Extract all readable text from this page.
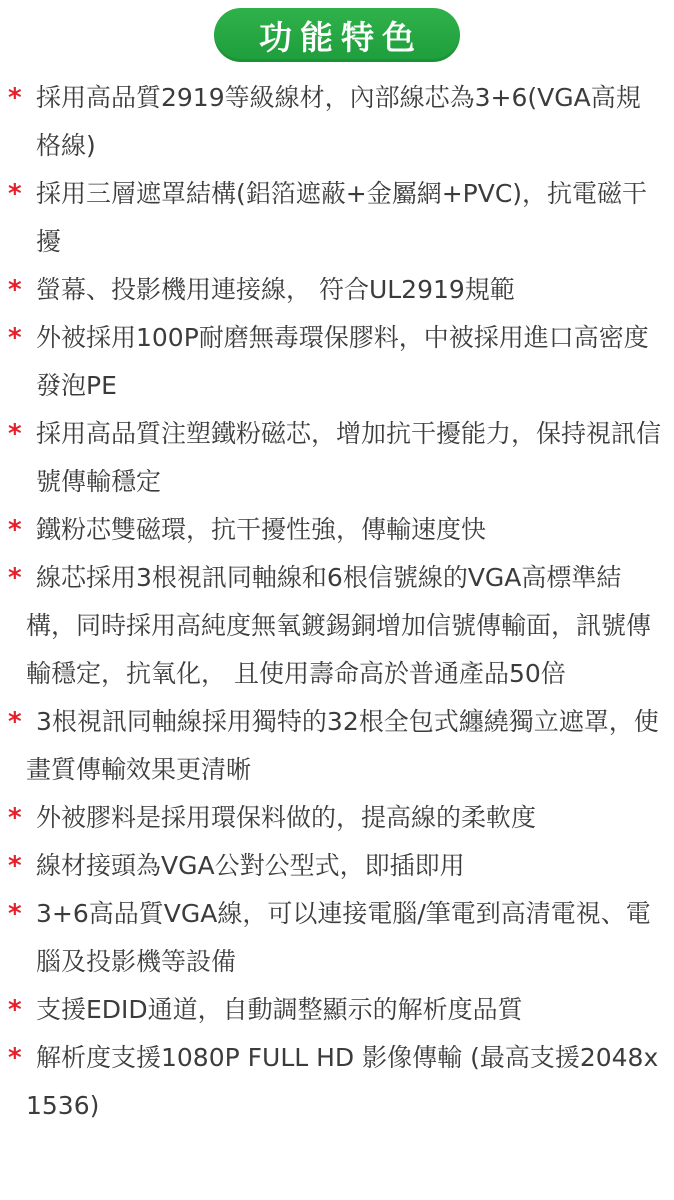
功能特色
* 採用高品質2919等級線材，內部線芯為3+6(VGA高規格線)
* 採用三層遮罩結構(鋁箔遮蔽+金屬網+PVC)，抗電磁干擾
* 螢幕、投影機用連接線， 符合UL2919規範
* 外被採用100P耐磨無毒環保膠料，中被採用進口高密度發泡PE
* 採用高品質注塑鐵粉磁芯，增加抗干擾能力，保持視訊信號傳輸穩定
* 鐵粉芯雙磁環，抗干擾性強，傳輸速度快
* 線芯採用3根視訊同軸線和6根信號線的VGA高標準結構，同時採用高純度無氧鍍錫銅增加信號傳輸面，訊號傳輸穩定，抗氧化， 且使用壽命高於普通產品50倍
* 3根視訊同軸線採用獨特的32根全包式纏繞獨立遮罩，使畫質傳輸效果更清晰
* 外被膠料是採用環保料做的，提高線的柔軟度
* 線材接頭為VGA公對公型式，即插即用
* 3+6高品質VGA線，可以連接電腦/筆電到高清電視、電腦及投影機等設備
* 支援EDID通道，自動調整顯示的解析度品質
* 解析度支援1080P FULL HD 影像傳輸 (最高支援2048x1536)
